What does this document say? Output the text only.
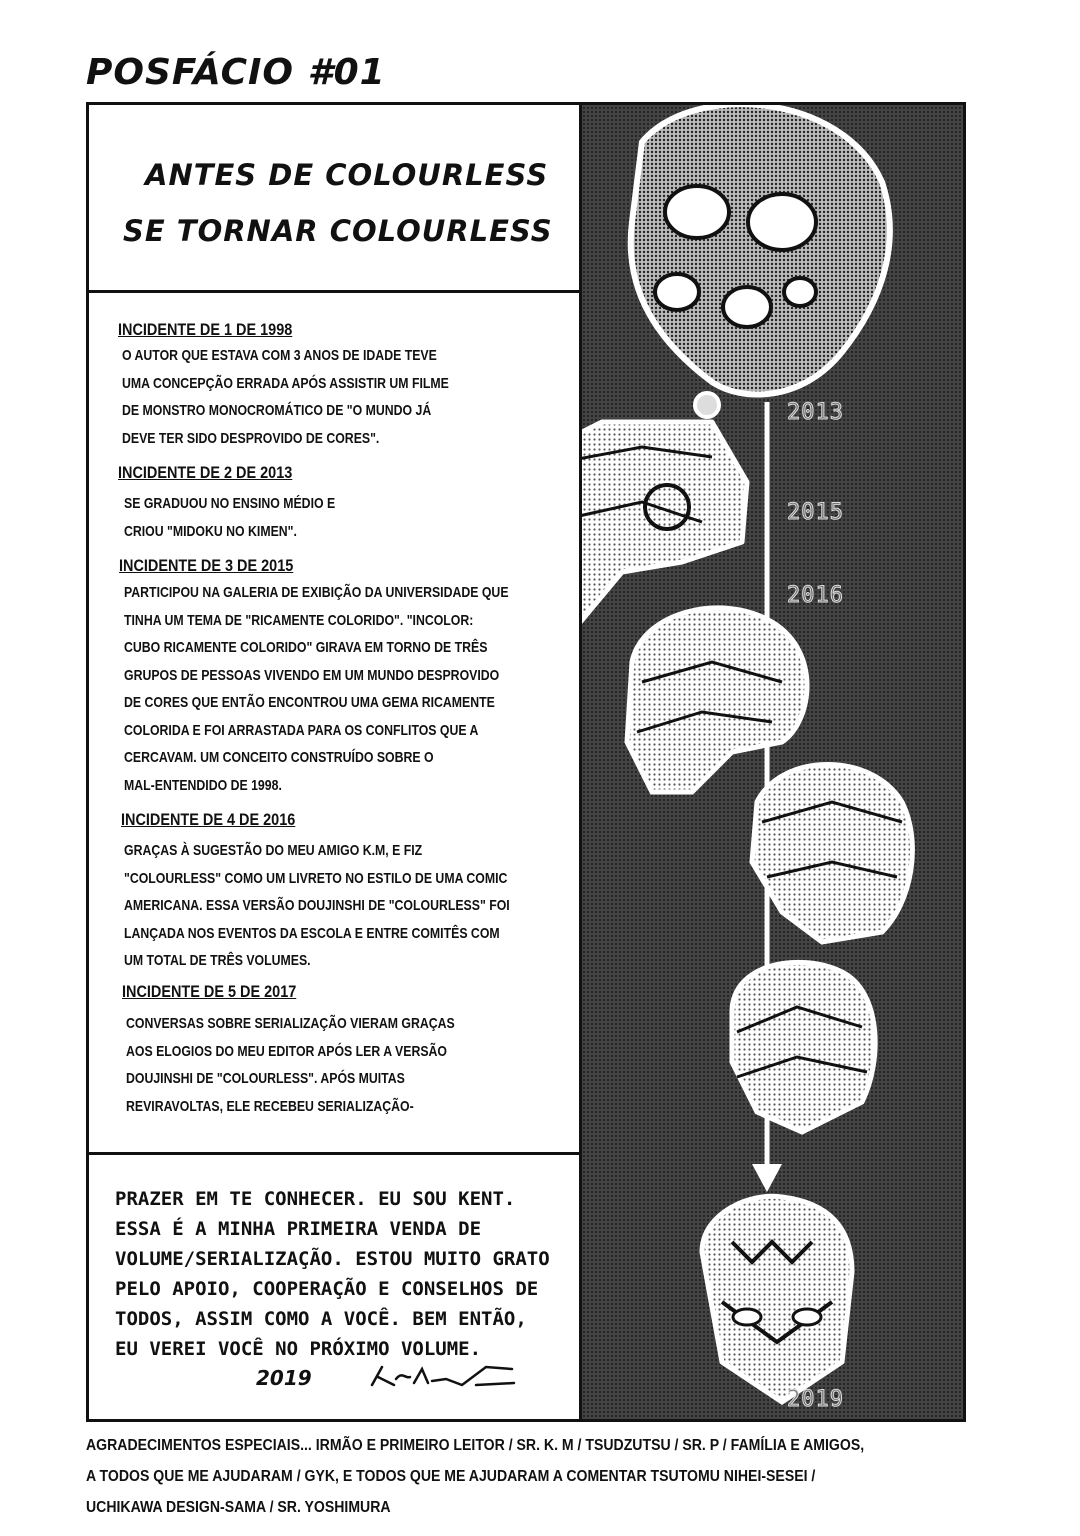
POSFÁCIO #01
2013
2015
2016
2019
ANTES DE COLOURLESS
SE TORNAR COLOURLESS
INCIDENTE DE 1 DE 1998
O AUTOR QUE ESTAVA COM 3 ANOS DE IDADE TEVE
UMA CONCEPÇÃO ERRADA APÓS ASSISTIR UM FILME
DE MONSTRO MONOCROMÁTICO DE "O MUNDO JÁ
DEVE TER SIDO DESPROVIDO DE CORES".
INCIDENTE DE 2 DE 2013
SE GRADUOU NO ENSINO MÉDIO E
CRIOU "MIDOKU NO KIMEN".
INCIDENTE DE 3 DE 2015
PARTICIPOU NA GALERIA DE EXIBIÇÃO DA UNIVERSIDADE QUE
TINHA UM TEMA DE "RICAMENTE COLORIDO". "INCOLOR:
CUBO RICAMENTE COLORIDO" GIRAVA EM TORNO DE TRÊS
GRUPOS DE PESSOAS VIVENDO EM UM MUNDO DESPROVIDO
DE CORES QUE ENTÃO ENCONTROU UMA GEMA RICAMENTE
COLORIDA E FOI ARRASTADA PARA OS CONFLITOS QUE A
CERCAVAM. UM CONCEITO CONSTRUÍDO SOBRE O
MAL-ENTENDIDO DE 1998.
INCIDENTE DE 4 DE 2016
GRAÇAS À SUGESTÃO DO MEU AMIGO K.M, E FIZ
"COLOURLESS" COMO UM LIVRETO NO ESTILO DE UMA COMIC
AMERICANA. ESSA VERSÃO DOUJINSHI DE "COLOURLESS" FOI
LANÇADA NOS EVENTOS DA ESCOLA E ENTRE COMITÊS COM
UM TOTAL DE TRÊS VOLUMES.
INCIDENTE DE 5 DE 2017
CONVERSAS SOBRE SERIALIZAÇÃO VIERAM GRAÇAS
AOS ELOGIOS DO MEU EDITOR APÓS LER A VERSÃO
DOUJINSHI DE "COLOURLESS". APÓS MUITAS
REVIRAVOLTAS, ELE RECEBEU SERIALIZAÇÃO-
PRAZER EM TE CONHECER. EU SOU KENT.
ESSA É A MINHA PRIMEIRA VENDA DE
VOLUME/SERIALIZAÇÃO. ESTOU MUITO GRATO
PELO APOIO, COOPERAÇÃO E CONSELHOS DE
TODOS, ASSIM COMO A VOCÊ. BEM ENTÃO,
EU VEREI VOCÊ NO PRÓXIMO VOLUME.
2019
AGRADECIMENTOS ESPECIAIS... IRMÃO E PRIMEIRO LEITOR / SR. K. M / TSUDZUTSU / SR. P / FAMÍLIA E AMIGOS,
A TODOS QUE ME AJUDARAM / GYK, E TODOS QUE ME AJUDARAM A COMENTAR TSUTOMU NIHEI-SESEI /
UCHIKAWA DESIGN-SAMA / SR. YOSHIMURA
